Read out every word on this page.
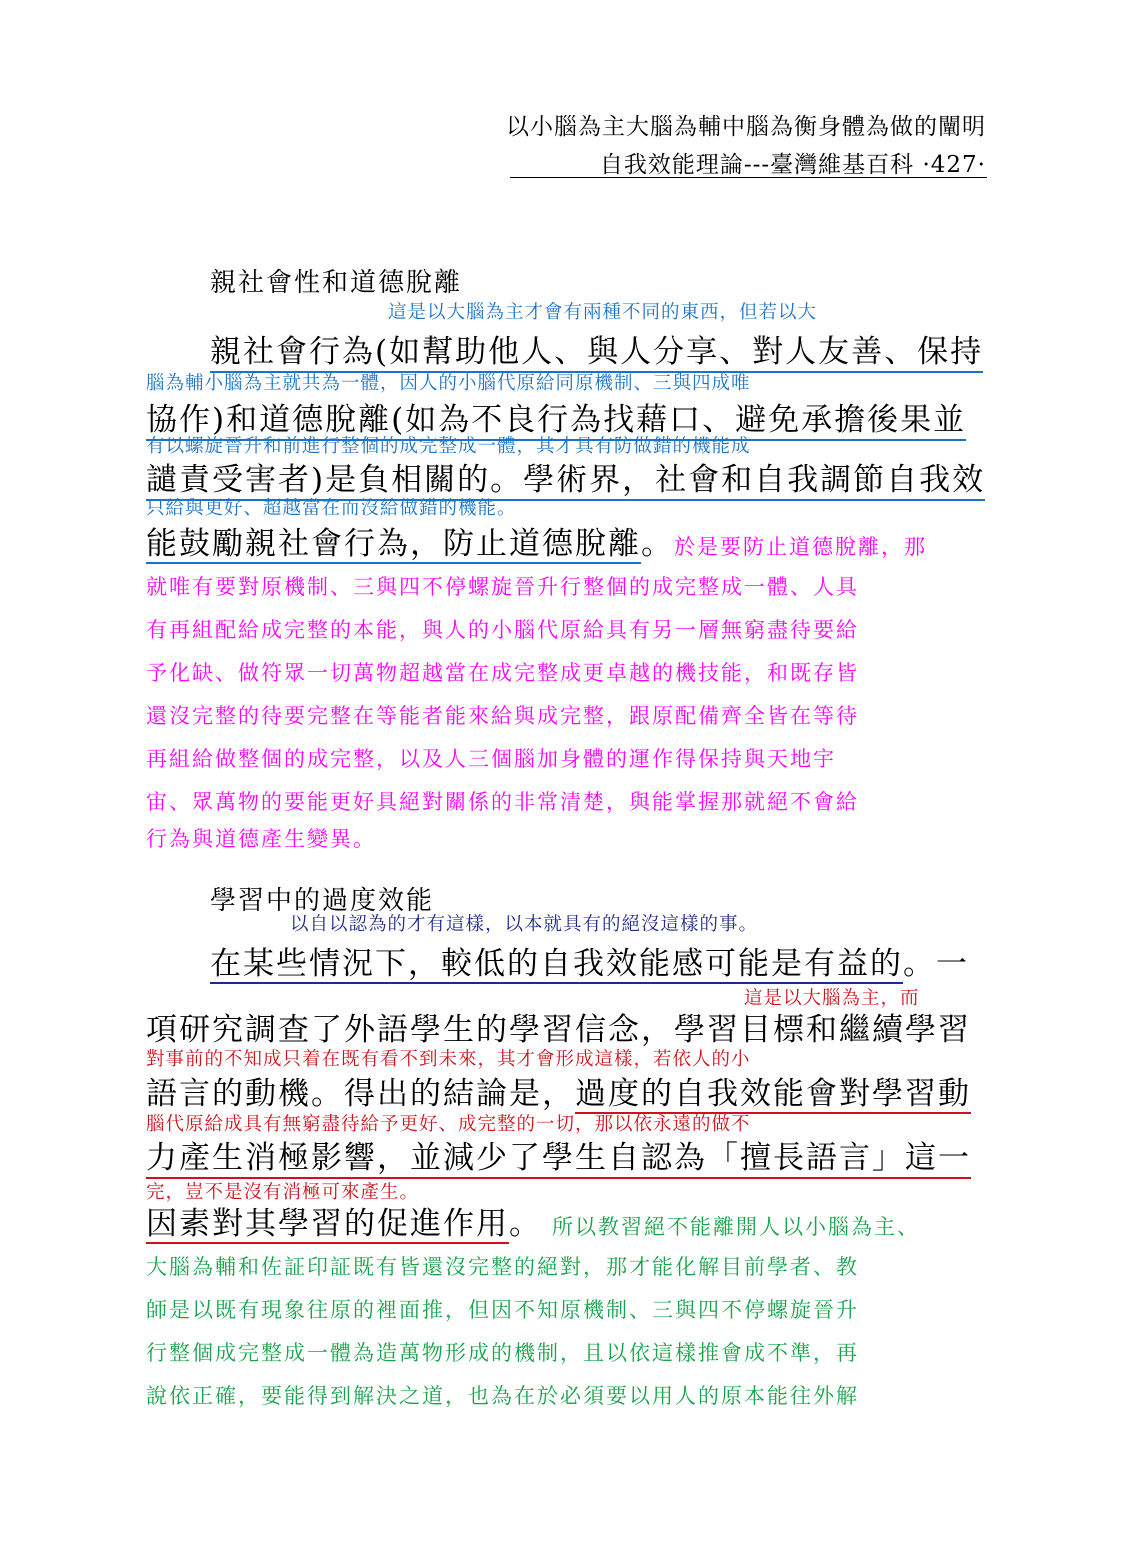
以小腦為主大腦為輔中腦為衡身體為做的闡明
自我效能理論---臺灣維基百科 ·427·
親社會性和道德脫離
這是以大腦為主才會有兩種不同的東西，但若以大
親社會行為(如幫助他人、與人分享、對人友善、保持
腦為輔小腦為主就共為一體，因人的小腦代原給同原機制、三與四成唯
協作)和道德脫離(如為不良行為找藉口、避免承擔後果並
有以螺旋晉升和前進行整個的成完整成一體，其才具有防做錯的機能成
譴責受害者)是負相關的。學術界，社會和自我調節自我效
只給與更好、超越當在而沒給做錯的機能。
能鼓勵親社會行為，防止道德脫離。於是要防止道德脫離，那
就唯有要對原機制、三與四不停螺旋晉升行整個的成完整成一體、人具
有再組配給成完整的本能，與人的小腦代原給具有另一層無窮盡待要給
予化缺、做符眾一切萬物超越當在成完整成更卓越的機技能，和既存皆
還沒完整的待要完整在等能者能來給與成完整，跟原配備齊全皆在等待
再組給做整個的成完整，以及人三個腦加身體的運作得保持與天地宇
宙、眾萬物的要能更好具絕對關係的非常清楚，與能掌握那就絕不會給
行為與道德產生變異。
學習中的過度效能
以自以認為的才有這樣，以本就具有的絕沒這樣的事。
在某些情況下，較低的自我效能感可能是有益的。一
這是以大腦為主，而
項研究調查了外語學生的學習信念，學習目標和繼續學習
對事前的不知成只着在既有看不到未來，其才會形成這樣，若依人的小
語言的動機。得出的結論是，過度的自我效能會對學習動
腦代原給成具有無窮盡待給予更好、成完整的一切，那以依永遠的做不
力產生消極影響，並減少了學生自認為「擅長語言」這一
完，豈不是沒有消極可來產生。
因素對其學習的促進作用。 所以教習絕不能離開人以小腦為主、
大腦為輔和佐証印証既有皆還沒完整的絕對，那才能化解目前學者、教
師是以既有現象往原的裡面推，但因不知原機制、三與四不停螺旋晉升
行整個成完整成一體為造萬物形成的機制，且以依這樣推會成不準，再
說依正確，要能得到解決之道，也為在於必須要以用人的原本能往外解
